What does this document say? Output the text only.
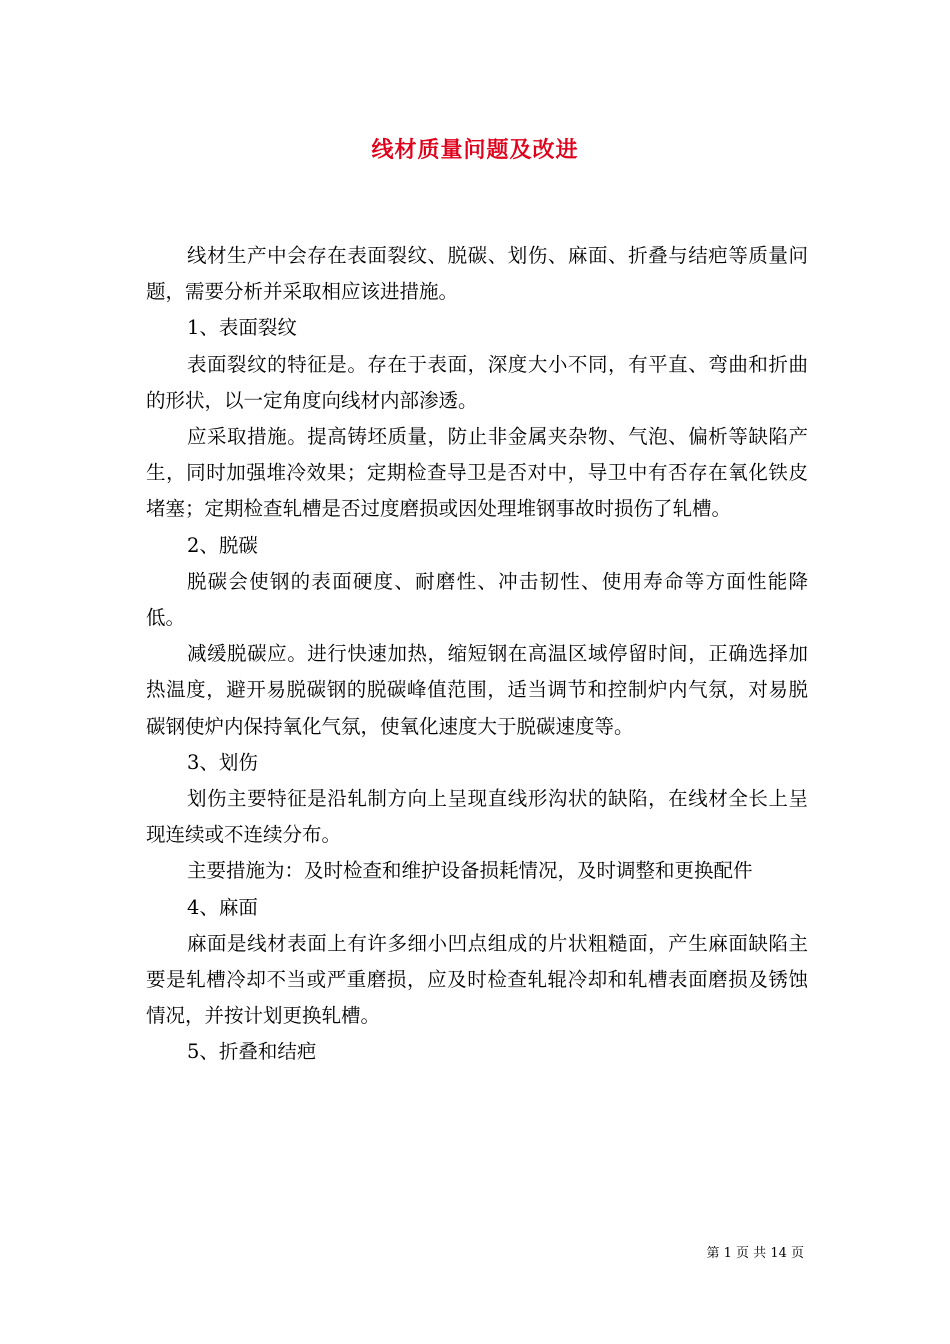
线材质量问题及改进

线材生产中会存在表面裂纹、脱碳、划伤、麻面、折叠与结疤等质量问题，需要分析并采取相应该进措施。

1、表面裂纹

表面裂纹的特征是。存在于表面，深度大小不同，有平直、弯曲和折曲的形状，以一定角度向线材内部渗透。

应采取措施。提高铸坯质量，防止非金属夹杂物、气泡、偏析等缺陷产生，同时加强堆冷效果；定期检查导卫是否对中，导卫中有否存在氧化铁皮堵塞；定期检查轧槽是否过度磨损或因处理堆钢事故时损伤了轧槽。

2、脱碳

脱碳会使钢的表面硬度、耐磨性、冲击韧性、使用寿命等方面性能降低。

减缓脱碳应。进行快速加热，缩短钢在高温区域停留时间，正确选择加热温度，避开易脱碳钢的脱碳峰值范围，适当调节和控制炉内气氛，对易脱碳钢使炉内保持氧化气氛，使氧化速度大于脱碳速度等。

3、划伤

划伤主要特征是沿轧制方向上呈现直线形沟状的缺陷，在线材全长上呈现连续或不连续分布。

主要措施为：及时检查和维护设备损耗情况，及时调整和更换配件

4、麻面

麻面是线材表面上有许多细小凹点组成的片状粗糙面，产生麻面缺陷主要是轧槽冷却不当或严重磨损，应及时检查轧辊冷却和轧槽表面磨损及锈蚀情况，并按计划更换轧槽。

5、折叠和结疤

第 1 页 共 14 页
